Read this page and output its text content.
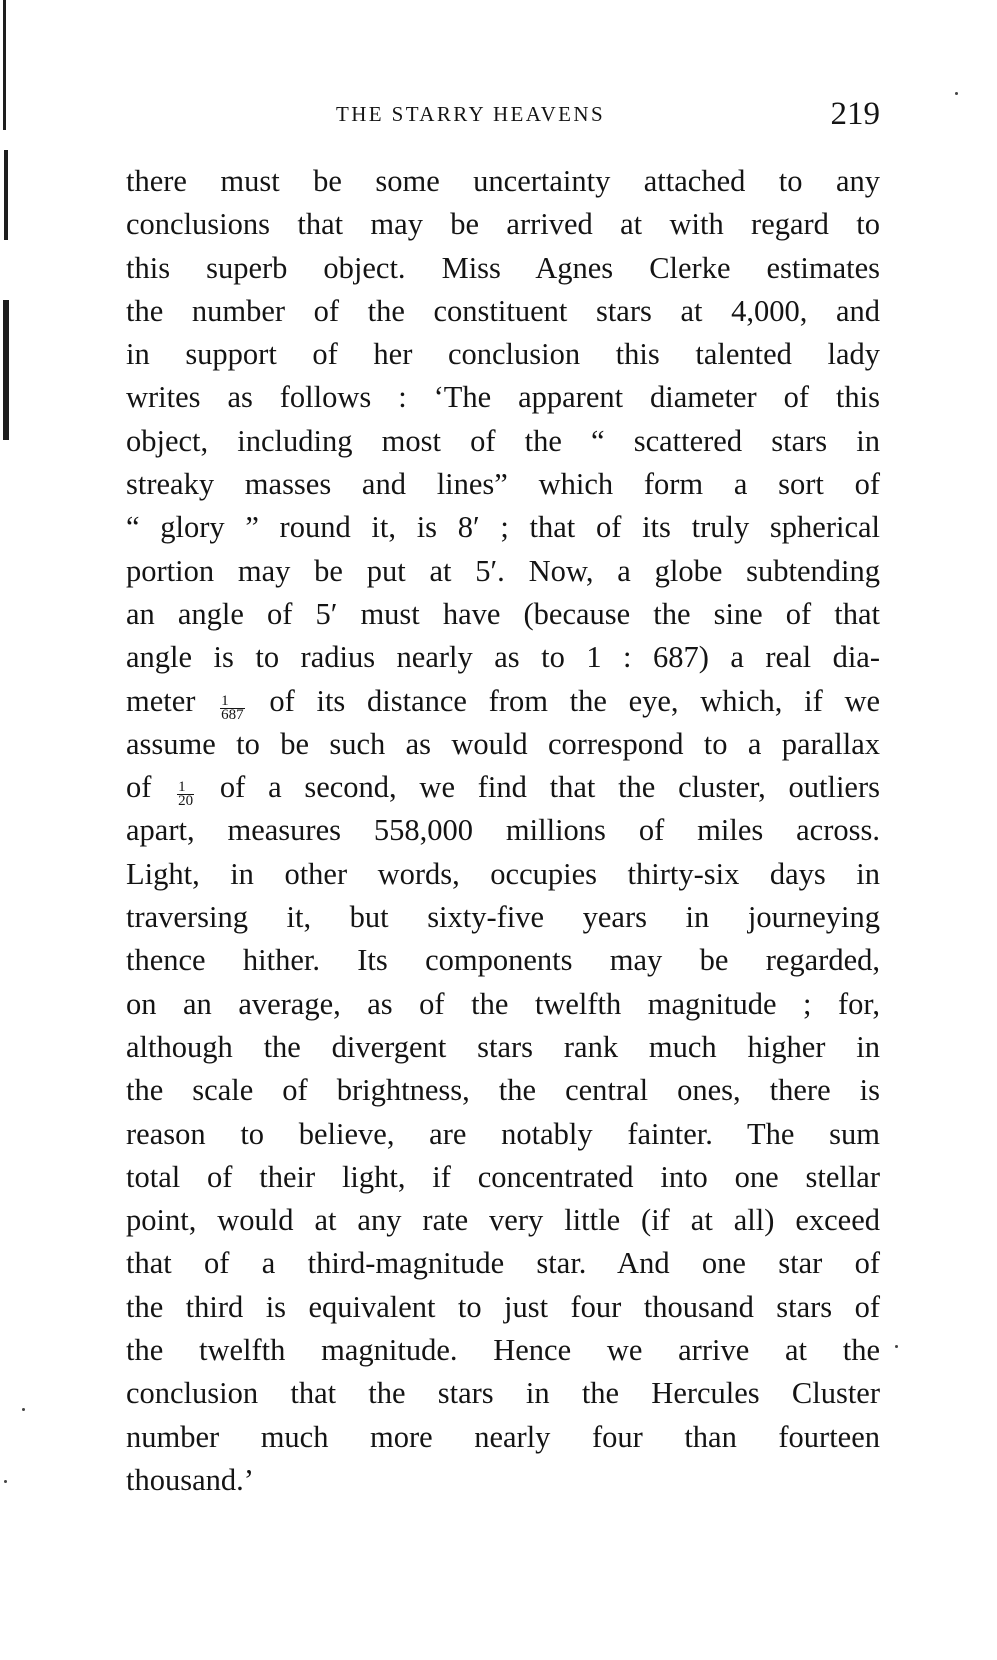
THE STARRY HEAVENS	219
there must be some uncertainty attached to any
conclusions that may be arrived at with regard to
this superb object. Miss Agnes Clerke estimates
the number of the constituent stars at 4,000, and
in support of her conclusion this talented lady
writes as follows : ‘The apparent diameter of this
object, including most of the “ scattered stars in
streaky masses and lines” which form a sort of
“ glory ” round it, is 8′ ; that of its truly spherical
portion may be put at 5′. Now, a globe subtending
an angle of 5′ must have (because the sine of that
angle is to radius nearly as to 1 : 687) a real dia-
meter $\frac{1}{687}$ of its distance from the eye, which, if we
assume to be such as would correspond to a parallax
of $\frac{1}{20}$ of a second, we find that the cluster, outliers
apart, measures 558,000 millions of miles across.
Light, in other words, occupies thirty-six days in
traversing it, but sixty-five years in journeying
thence hither. Its components may be regarded,
on an average, as of the twelfth magnitude ; for,
although the divergent stars rank much higher in
the scale of brightness, the central ones, there is
reason to believe, are notably fainter. The sum
total of their light, if concentrated into one stellar
point, would at any rate very little (if at all) exceed
that of a third-magnitude star. And one star of
the third is equivalent to just four thousand stars of
the twelfth magnitude. Hence we arrive at the
conclusion that the stars in the Hercules Cluster
number much more nearly four than fourteen
thousand.’
